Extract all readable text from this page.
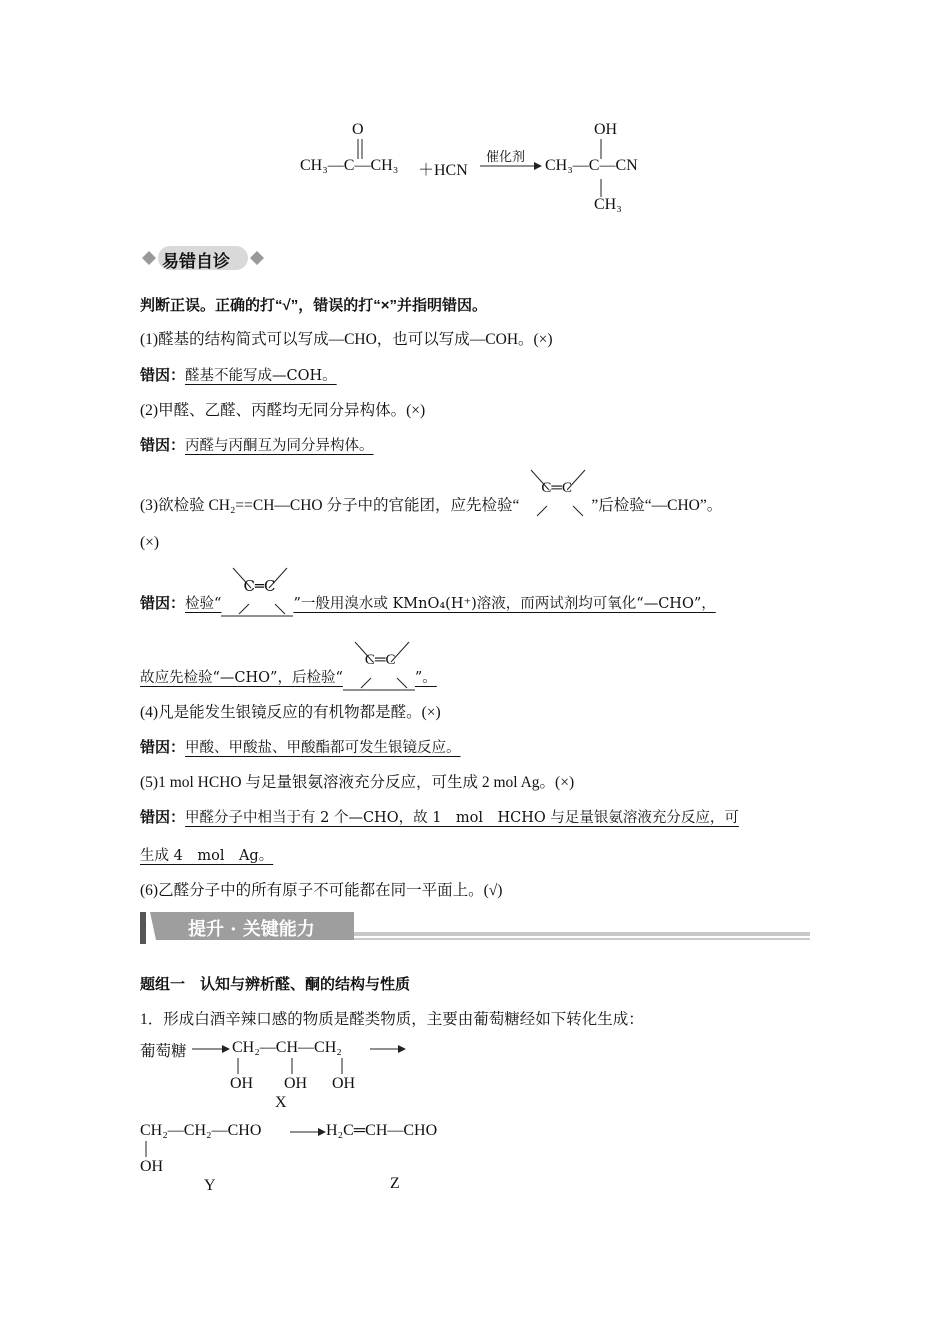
O
CH₃—C—CH₃ ＋HCN
催化剂
OH
CH₃—C—CN
CH₃
易错自诊
判断正误。正确的打“√”，错误的打“×”并指明错因。
(1)醛基的结构简式可以写成—CHO，也可以写成—COH。(×)
错因：醛基不能写成—COH。
(2)甲醛、乙醛、丙醛均无同分异构体。(×)
错因：丙醛与丙酮互为同分异构体。
(3)欲检验 CH₂==CH—CHO 分子中的官能团，应先检验“
C═C
”后检验“—CHO”。
(×)
错因：检验“
C═C
”一般用溴水或 KMnO₄(H⁺)溶液，而两试剂均可氧化“—CHO”，
故应先检验“—CHO”，后检验“
C═C
”。
(4)凡是能发生银镜反应的有机物都是醛。(×)
错因：甲酸、甲酸盐、甲酸酯都可发生银镜反应。
(5)1 mol HCHO 与足量银氨溶液充分反应，可生成 2 mol Ag。(×)
错因：甲醛分子中相当于有 2 个—CHO，故 1　mol　HCHO 与足量银氨溶液充分反应，可
生成 4　mol　Ag。
(6)乙醛分子中的所有原子不可能都在同一平面上。(√)
提升 · 关键能力
题组一　认知与辨析醛、酮的结构与性质
1．形成白酒辛辣口感的物质是醛类物质，主要由葡萄糖经如下转化生成：
葡萄糖	CH₂—CH—CH₂
OH OH OH
X
CH₂—CH₂—CHO	H₂C═CH—CHO
OH
Y	Z
